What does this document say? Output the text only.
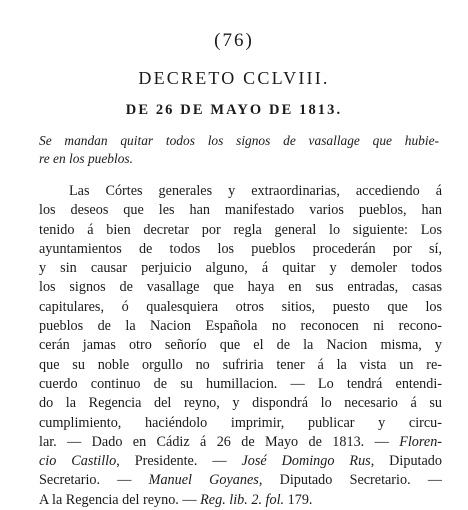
(76)
DECRETO CCLVIII.
DE 26 DE MAYO DE 1813.
Se mandan quitar todos los signos de vasallage que hubie-
re en los pueblos.
Las Córtes generales y extraordinarias, accediendo á
los deseos que les han manifestado varios pueblos, han
tenido á bien decretar por regla general lo siguiente: Los
ayuntamientos de todos los pueblos procederán por sí,
y sin causar perjuicio alguno, á quitar y demoler todos
los signos de vasallage que haya en sus entradas, casas
capitulares, ó qualesquiera otros sitios, puesto que los
pueblos de la Nacion Española no reconocen ni recono-
cerán jamas otro señorío que el de la Nacion misma, y
que su noble orgullo no sufriria tener á la vista un re-
cuerdo continuo de su humillacion. — Lo tendrá entendi-
do la Regencia del reyno, y dispondrá lo necesario á su
cumplimiento, haciéndolo imprimir, publicar y circu-
lar. — Dado en Cádiz á 26 de Mayo de 1813. — Floren-
cio Castillo, Presidente. — José Domingo Rus, Diputado
Secretario. — Manuel Goyanes, Diputado Secretario. —
A la Regencia del reyno. — Reg. lib. 2. fol. 179.
